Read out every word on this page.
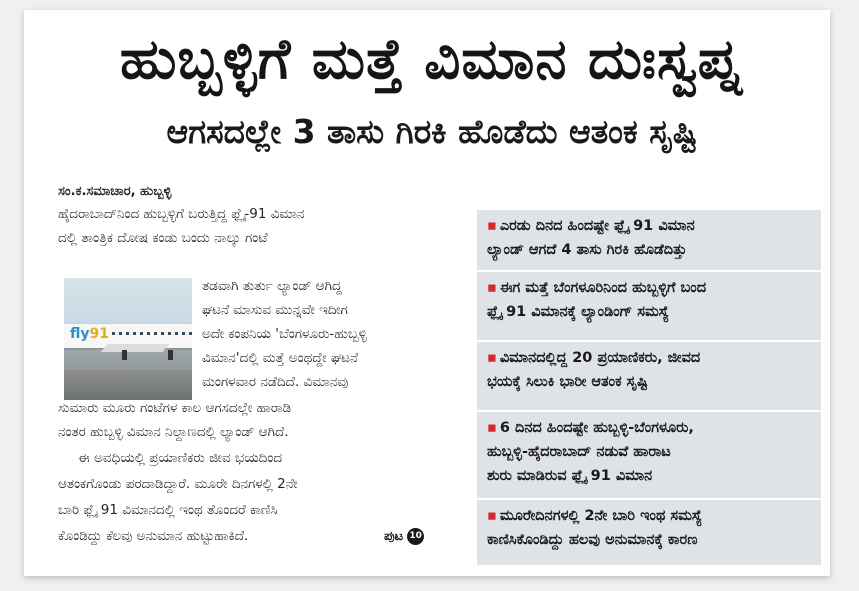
ಹುಬ್ಬಳ್ಳಿಗೆ ಮತ್ತೆ ವಿಮಾನ ದುಃಸ್ವಪ್ನ
ಆಗಸದಲ್ಲೇ 3 ತಾಸು ಗಿರಕಿ ಹೊಡೆದು ಆತಂಕ ಸೃಷ್ಟಿ
ಸಂ.ಕ.ಸಮಾಚಾರ, ಹುಬ್ಬಳ್ಳಿ
ಹೈದರಾಬಾದ್‌ನಿಂದ ಹುಬ್ಬಳ್ಳಿಗೆ ಬರುತ್ತಿದ್ದ ಫ್ಲೈ-91 ವಿಮಾನ
ದಲ್ಲಿ ತಾಂತ್ರಿಕ ದೋಷ ಕಂಡು ಬಂದು ನಾಲ್ಕು ಗಂಟೆ
fly91
ತಡವಾಗಿ ತುರ್ತು ಲ್ಯಾಂಡ್ ಆಗಿದ್ದ
ಘಟನೆ ಮಾಸುವ ಮುನ್ನವೇ ಇದೀಗ
ಅದೇ ಕಂಪನಿಯ 'ಬೆಂಗಳೂರು-ಹುಬ್ಬಳ್ಳಿ
ವಿಮಾನ'ದಲ್ಲಿ ಮತ್ತೆ ಅಂಥದ್ದೇ ಘಟನೆ
ಮಂಗಳವಾರ ನಡೆದಿದೆ. ವಿಮಾನವು
ಸುಮಾರು ಮೂರು ಗಂಟೆಗಳ ಕಾಲ ಆಗಸದಲ್ಲೇ ಹಾರಾಡಿ
ನಂತರ ಹುಬ್ಬಳ್ಳಿ ವಿಮಾನ ನಿಲ್ದಾಣದಲ್ಲಿ ಲ್ಯಾಂಡ್ ಆಗಿದೆ.
ಈ ಅವಧಿಯಲ್ಲಿ ಪ್ರಯಾಣಿಕರು ಜೀವ ಭಯದಿಂದ
ಆತಂಕಗೊಂಡು ಪರದಾಡಿದ್ದಾರೆ. ಮೂರೇ ದಿನಗಳಲ್ಲಿ 2ನೇ
ಬಾರಿ ಫ್ಲೈ 91 ವಿಮಾನದಲ್ಲಿ ಇಂಥ ತೊಂದರೆ ಕಾಣಿಸಿ
ಕೊಂಡಿದ್ದು ಕೆಲವು ಅನುಮಾನ ಹುಟ್ಟುಹಾಕಿದೆ.	ಪುಟ 10
▪ ಎರಡು ದಿನದ ಹಿಂದಷ್ಟೇ ಫ್ಲೈ 91 ವಿಮಾನ
ಲ್ಯಾಂಡ್ ಆಗದೆ 4 ತಾಸು ಗಿರಕಿ ಹೊಡೆದಿತ್ತು
▪ ಈಗ ಮತ್ತೆ ಬೆಂಗಳೂರಿನಿಂದ ಹುಬ್ಬಳ್ಳಿಗೆ ಬಂದ
ಫ್ಲೈ 91 ವಿಮಾನಕ್ಕೆ ಲ್ಯಾಂಡಿಂಗ್ ಸಮಸ್ಯೆ
▪ ವಿಮಾನದಲ್ಲಿದ್ದ 20 ಪ್ರಯಾಣಿಕರು, ಜೀವದ
ಭಯಕ್ಕೆ ಸಿಲುಕಿ ಭಾರೀ ಆತಂಕ ಸೃಷ್ಟಿ
▪ 6 ದಿನದ ಹಿಂದಷ್ಟೇ ಹುಬ್ಬಳ್ಳಿ-ಬೆಂಗಳೂರು,
ಹುಬ್ಬಳ್ಳಿ-ಹೈದರಾಬಾದ್ ನಡುವೆ ಹಾರಾಟ
ಶುರು ಮಾಡಿರುವ ಫ್ಲೈ 91 ವಿಮಾನ
▪ ಮೂರೇದಿನಗಳಲ್ಲಿ 2ನೇ ಬಾರಿ ಇಂಥ ಸಮಸ್ಯೆ
ಕಾಣಿಸಿಕೊಂಡಿದ್ದು ಹಲವು ಅನುಮಾನಕ್ಕೆ ಕಾರಣ
